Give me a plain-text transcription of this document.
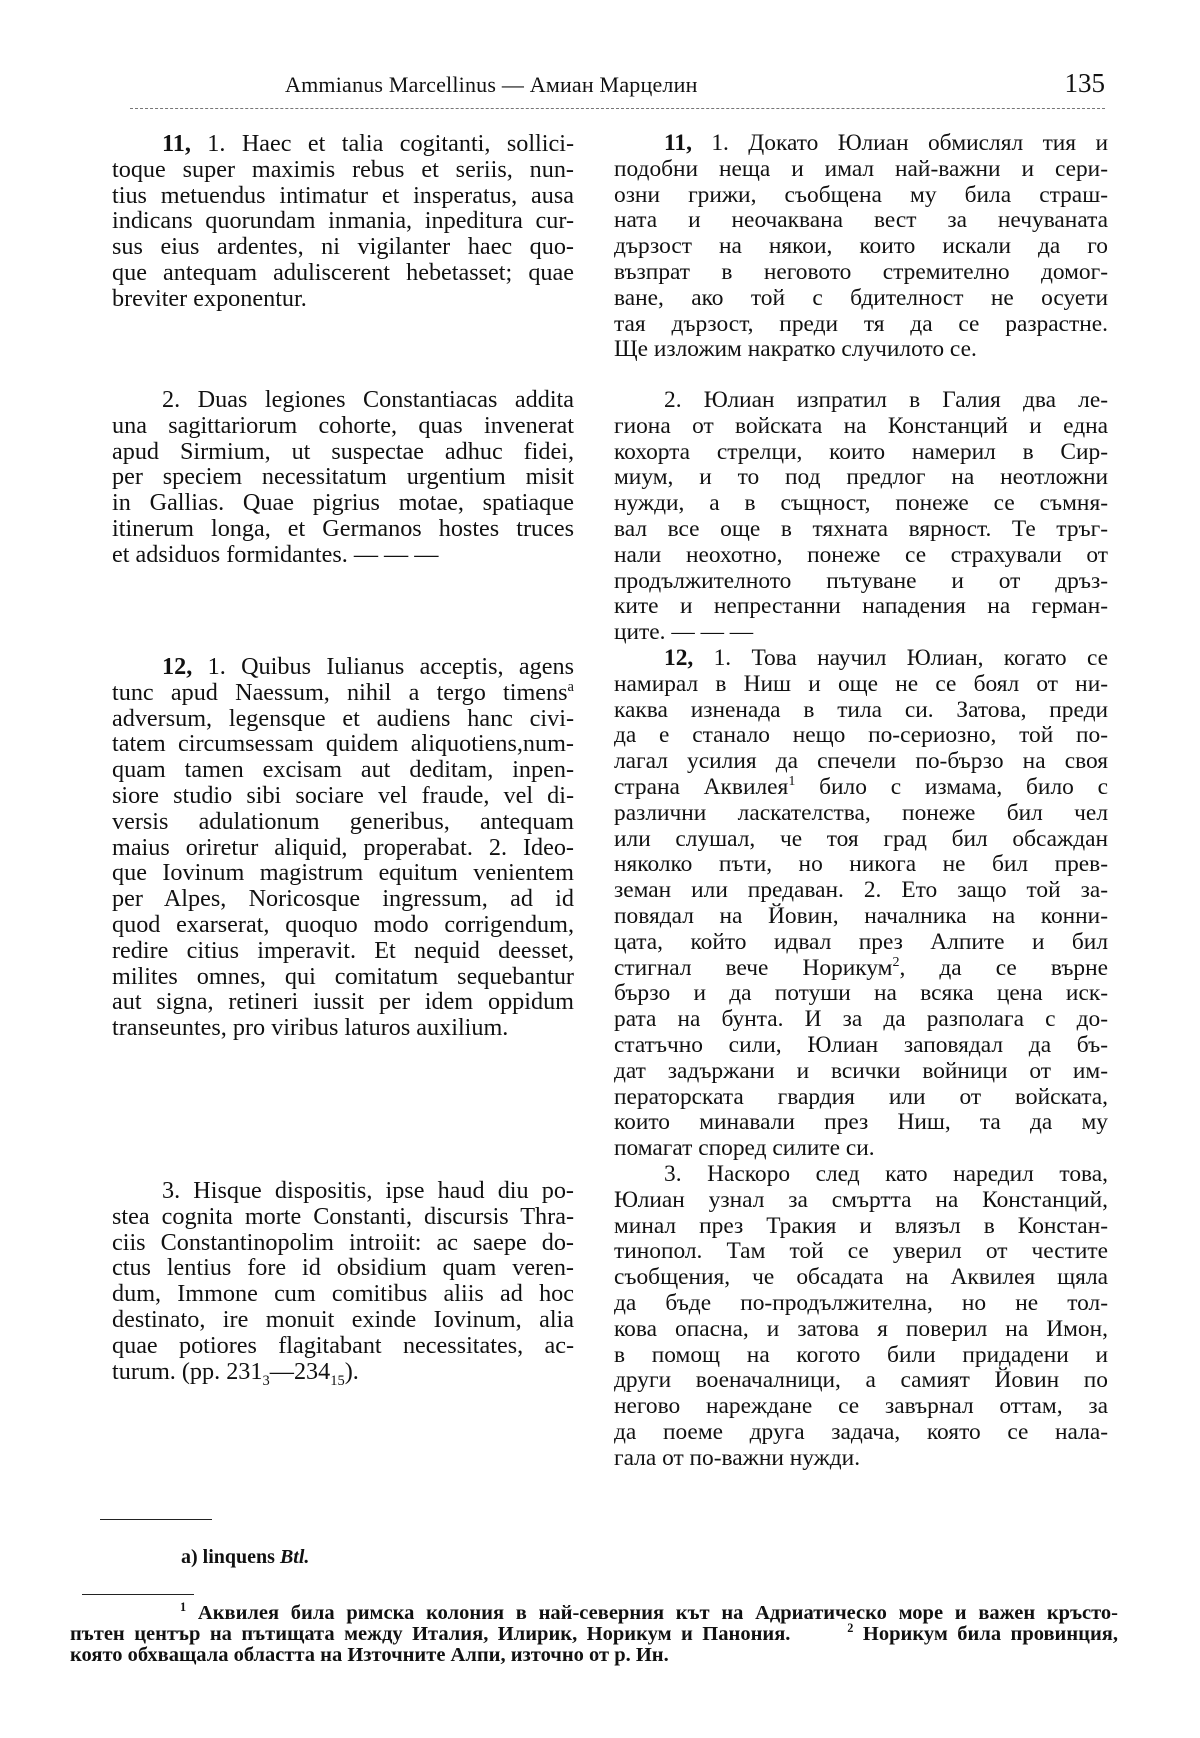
Ammianus Marcellinus — Амиан Марцелин	135
11, 1. Haec et talia cogitanti, sollici-
toque super maximis rebus et seriis, nun-
tius metuendus intimatur et insperatus, ausa
indicans quorundam inmania, inpeditura cur-
sus eius ardentes, ni vigilanter haec quo-
que antequam aduliscerent hebetasset; quae
breviter exponentur.
2. Duas legiones Constantiacas addita
una sagittariorum cohorte, quas invenerat
apud Sirmium, ut suspectae adhuc fidei,
per speciem necessitatum urgentium misit
in Gallias. Quae pigrius motae, spatiaque
itinerum longa, et Germanos hostes truces
et adsiduos formidantes. — — —
12, 1. Quibus Iulianus acceptis, agens
tunc apud Naessum, nihil a tergo timens$^a$
adversum, legensque et audiens hanc civi-
tatem circumsessam quidem aliquotiens,num-
quam tamen excisam aut deditam, inpen-
siore studio sibi sociare vel fraude, vel di-
versis adulationum generibus, antequam
maius oriretur aliquid, properabat. 2. Ideo-
que Iovinum magistrum equitum venientem
per Alpes, Noricosque ingressum, ad id
quod exarserat, quoquo modo corrigendum,
redire citius imperavit. Et nequid deesset,
milites omnes, qui comitatum sequebantur
aut signa, retineri iussit per idem oppidum
transeuntes, pro viribus laturos auxilium.
3. Hisque dispositis, ipse haud diu po-
stea cognita morte Constanti, discursis Thra-
ciis Constantinopolim introiit: ac saepe do-
ctus lentius fore id obsidium quam veren-
dum, Immone cum comitibus aliis ad hoc
destinato, ire monuit exinde Iovinum, alia
quae potiores flagitabant necessitates, ac-
turum. (pp. $231_3—234_{15}$).
a) linquens Btl.
11, 1. Докато Юлиан обмислял тия и
подобни неща и имал най-важни и сери-
озни грижи, съобщена му била страш-
ната и неочаквана вест за нечуваната
дързост на някои, които искали да го
възпрат в неговото стремително домог-
ване, ако той с бдителност не осуети
тая дързост, преди тя да се разрастне.
Ще изложим накратко случилото се.
2. Юлиан изпратил в Галия два ле-
гиона от войската на Констанций и една
кохорта стрелци, които намерил в Сир-
миум, и то под предлог на неотложни
нужди, а в същност, понеже се съмня-
вал все още в тяхната вярност. Те тръг-
нали неохотно, понеже се страхували от
продължителното пътуване и от дръз-
ките и непрестанни нападения на герман-
ците. — — —
12, 1. Това научил Юлиан, когато се
намирал в Ниш и още не се боял от ни-
каква изненада в тила си. Затова, преди
да е станало нещо по-сериозно, той по-
лагал усилия да спечели по-бързо на своя
страна Аквилея$^1$ било с измама, било с
различни ласкателства, понеже бил чел
или слушал, че тоя град бил обсаждан
няколко пъти, но никога не бил прев-
земан или предаван. 2. Ето защо той за-
повядал на Йовин, началника на конни-
цата, който идвал през Алпите и бил
стигнал вече Норикум$^2$, да се върне
бързо и да потуши на всяка цена иск-
рата на бунта. И за да разполага с до-
статъчно сили, Юлиан заповядал да бъ-
дат задържани и всички войници от им-
ператорската гвардия или от войската,
които минавали през Ниш, та да му
помагат според силите си.
3. Наскоро след като наредил това,
Юлиан узнал за смъртта на Констанций,
минал през Тракия и влязъл в Констан-
тинопол. Там той се уверил от честите
съобщения, че обсадата на Аквилея щяла
да бъде по-продължителна, но не тол-
кова опасна, и затова я поверил на Имон,
в помощ на когото били придадени и
други военачалници, а самият Йовин по
негово нареждане се завърнал оттам, за
да поеме друга задача, която се нала-
гала от по-важни нужди.
$^1$ Аквилея била римска колония в най-северния кът на Адриатическо море и важен кръсто-
пътен център на пътищата между Италия, Илирик, Норикум и Панония.	$^2$ Норикум била провинция,
която обхващала областта на Източните Алпи, източно от р. Ин.
